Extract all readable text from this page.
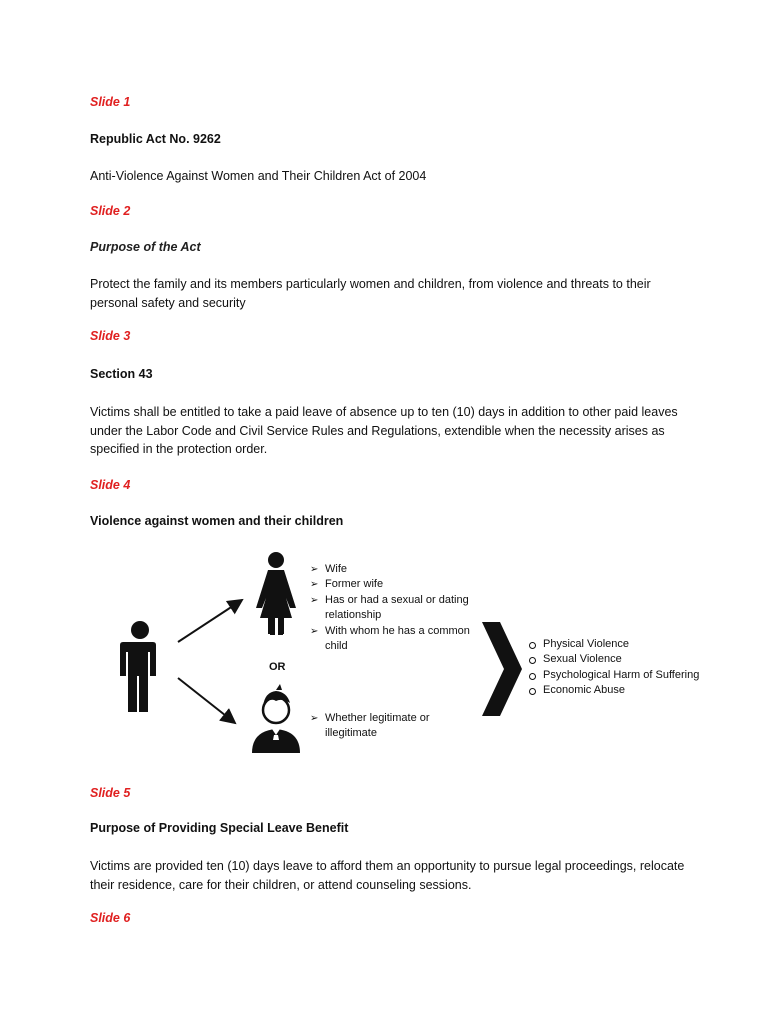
Slide 1
Republic Act No. 9262
Anti-Violence Against Women and Their Children Act of 2004
Slide 2
Purpose of the Act
Protect the family and its members particularly women and children, from violence and threats to their personal safety and security
Slide 3
Section 43
Victims shall be entitled to take a paid leave of absence up to ten (10) days in addition to other paid leaves under the Labor Code and Civil Service Rules and Regulations, extendible when the necessity arises as specified in the protection order.
Slide 4
Violence against women and their children
➢ Wife
➢ Former wife
➢ Has or had a sexual or dating relationship
➢ With whom he has a common child
OR
➢ Whether legitimate or illegitimate
Physical Violence
Sexual Violence
Psychological Harm of Suffering
Economic Abuse
Slide 5
Purpose of Providing Special Leave Benefit
Victims are provided ten (10) days leave to afford them an opportunity to pursue legal proceedings, relocate their residence, care for their children, or attend counseling sessions.
Slide 6
